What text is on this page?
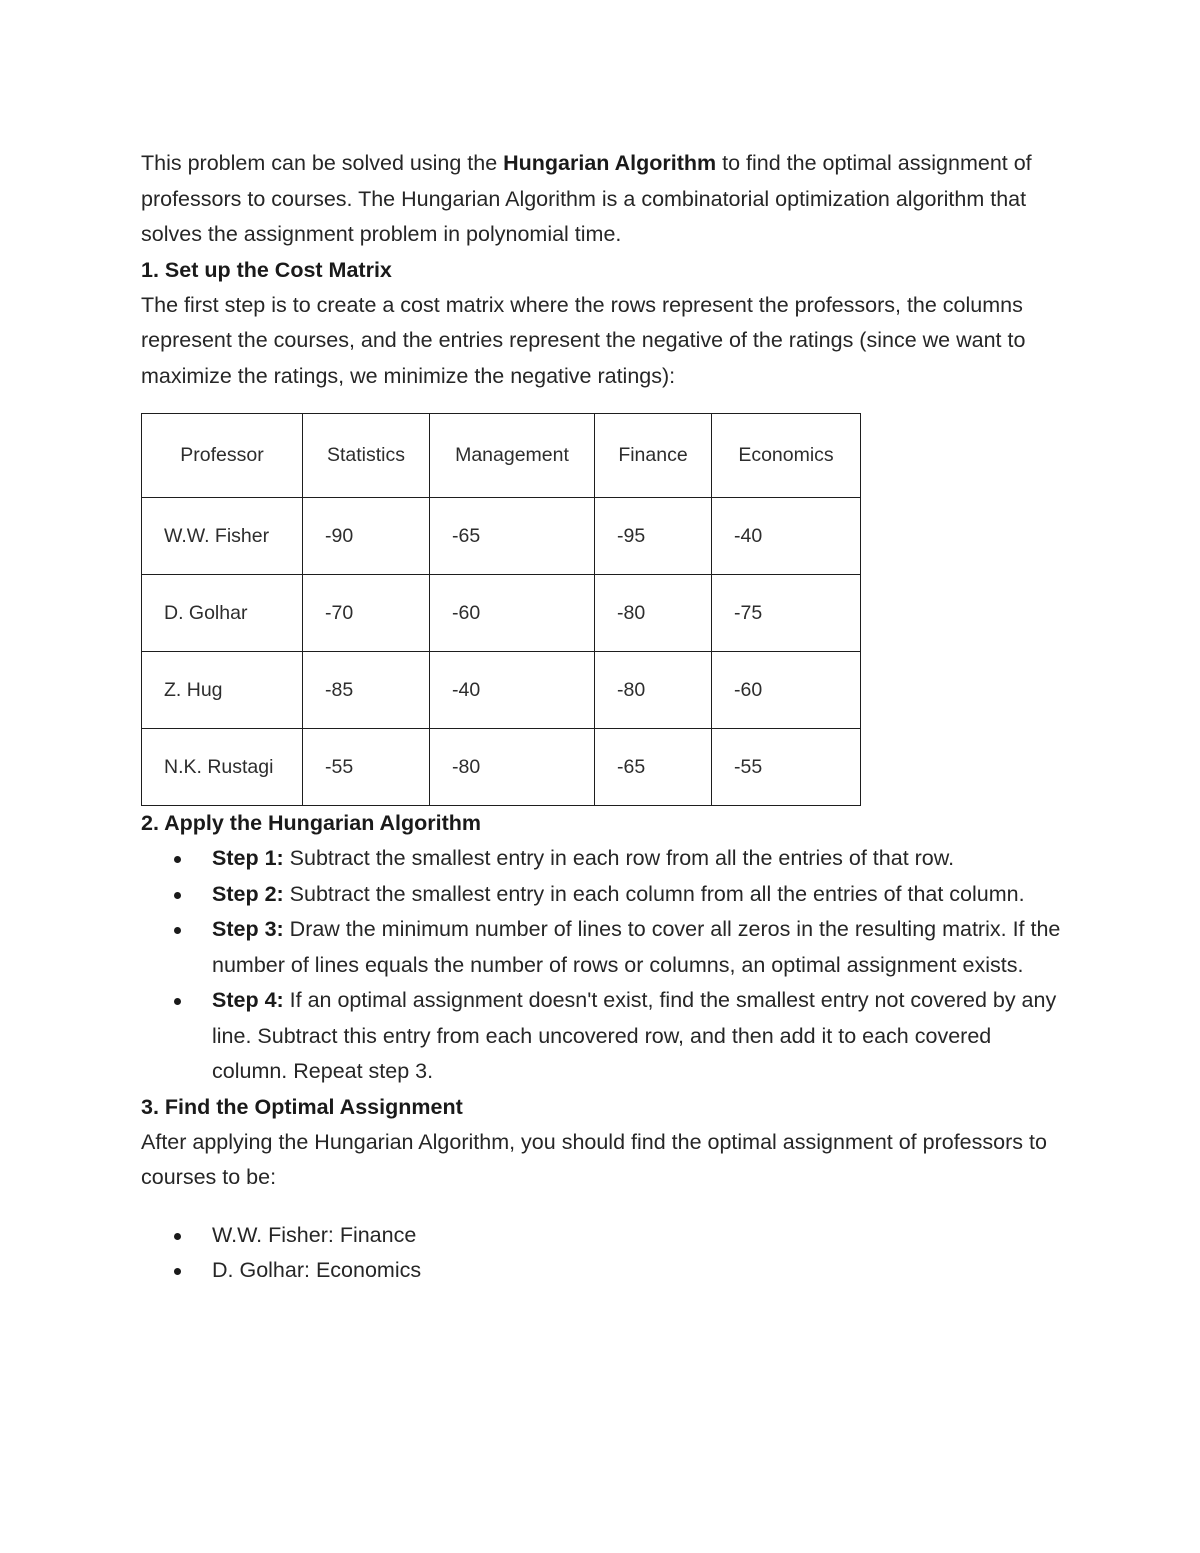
This problem can be solved using the Hungarian Algorithm to find the optimal assignment of professors to courses. The Hungarian Algorithm is a combinatorial optimization algorithm that solves the assignment problem in polynomial time.

1. Set up the Cost Matrix

The first step is to create a cost matrix where the rows represent the professors, the columns represent the courses, and the entries represent the negative of the ratings (since we want to maximize the ratings, we minimize the negative ratings):

Professor	Statistics	Management	Finance	Economics
W.W. Fisher	-90	-65	-95	-40
D. Golhar	-70	-60	-80	-75
Z. Hug	-85	-40	-80	-60
N.K. Rustagi	-55	-80	-65	-55
2. Apply the Hungarian Algorithm
Step 1: Subtract the smallest entry in each row from all the entries of that row.
Step 2: Subtract the smallest entry in each column from all the entries of that column.
Step 3: Draw the minimum number of lines to cover all zeros in the resulting matrix. If the number of lines equals the number of rows or columns, an optimal assignment exists.
Step 4: If an optimal assignment doesn't exist, find the smallest entry not covered by any line. Subtract this entry from each uncovered row, and then add it to each covered column. Repeat step 3.
3. Find the Optimal Assignment

After applying the Hungarian Algorithm, you should find the optimal assignment of professors to courses to be:

W.W. Fisher: Finance
D. Golhar: Economics
